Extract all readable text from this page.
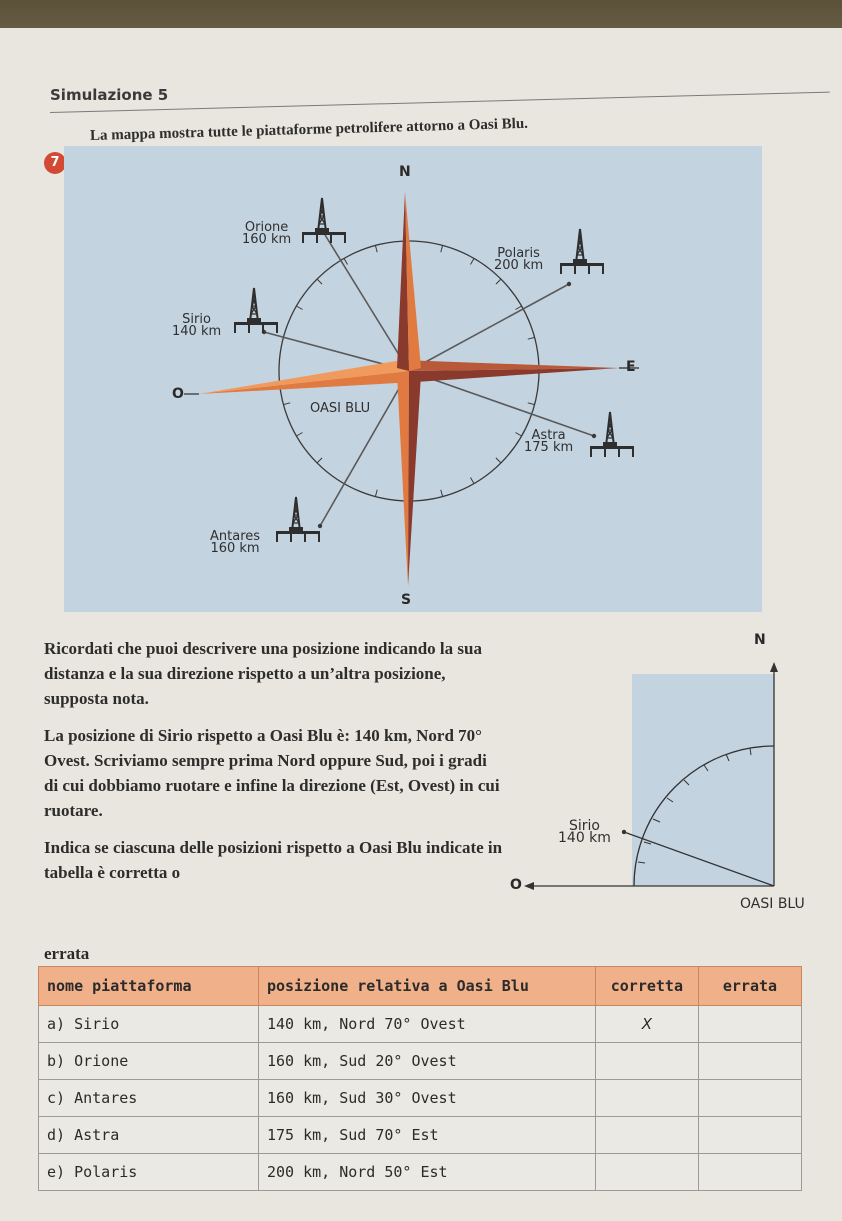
Simulazione 5
7
La mappa mostra tutte le piattaforme petrolifere attorno a Oasi Blu.
N
S
E
O
OASI BLU
Orione
160 km
Polaris
200 km
Sirio
140 km
Astra
175 km
Antares
160 km

Ricordati che puoi descrivere una posizione indicando la sua distanza e la sua direzione rispetto a un’altra posizione, supposta nota.

La posizione di Sirio rispetto a Oasi Blu è: 140 km, Nord 70° Ovest. Scriviamo sempre prima Nord oppure Sud, poi i gradi di cui dobbiamo ruotare e infine la direzione (Est, Ovest) in cui ruotare.

Indica se ciascuna delle posizioni rispetto a Oasi Blu indicate in tabella è corretta o

errata
N
O
Sirio
140 km
OASI BLU
nome piattaforma	posizione relativa a Oasi Blu	corretta	errata
a) Sirio	140 km, Nord 70° Ovest	X	
b) Orione	160 km, Sud 20° Ovest		
c) Antares	160 km, Sud 30° Ovest		
d) Astra	175 km, Sud 70° Est		
e) Polaris	200 km, Nord 50° Est		
